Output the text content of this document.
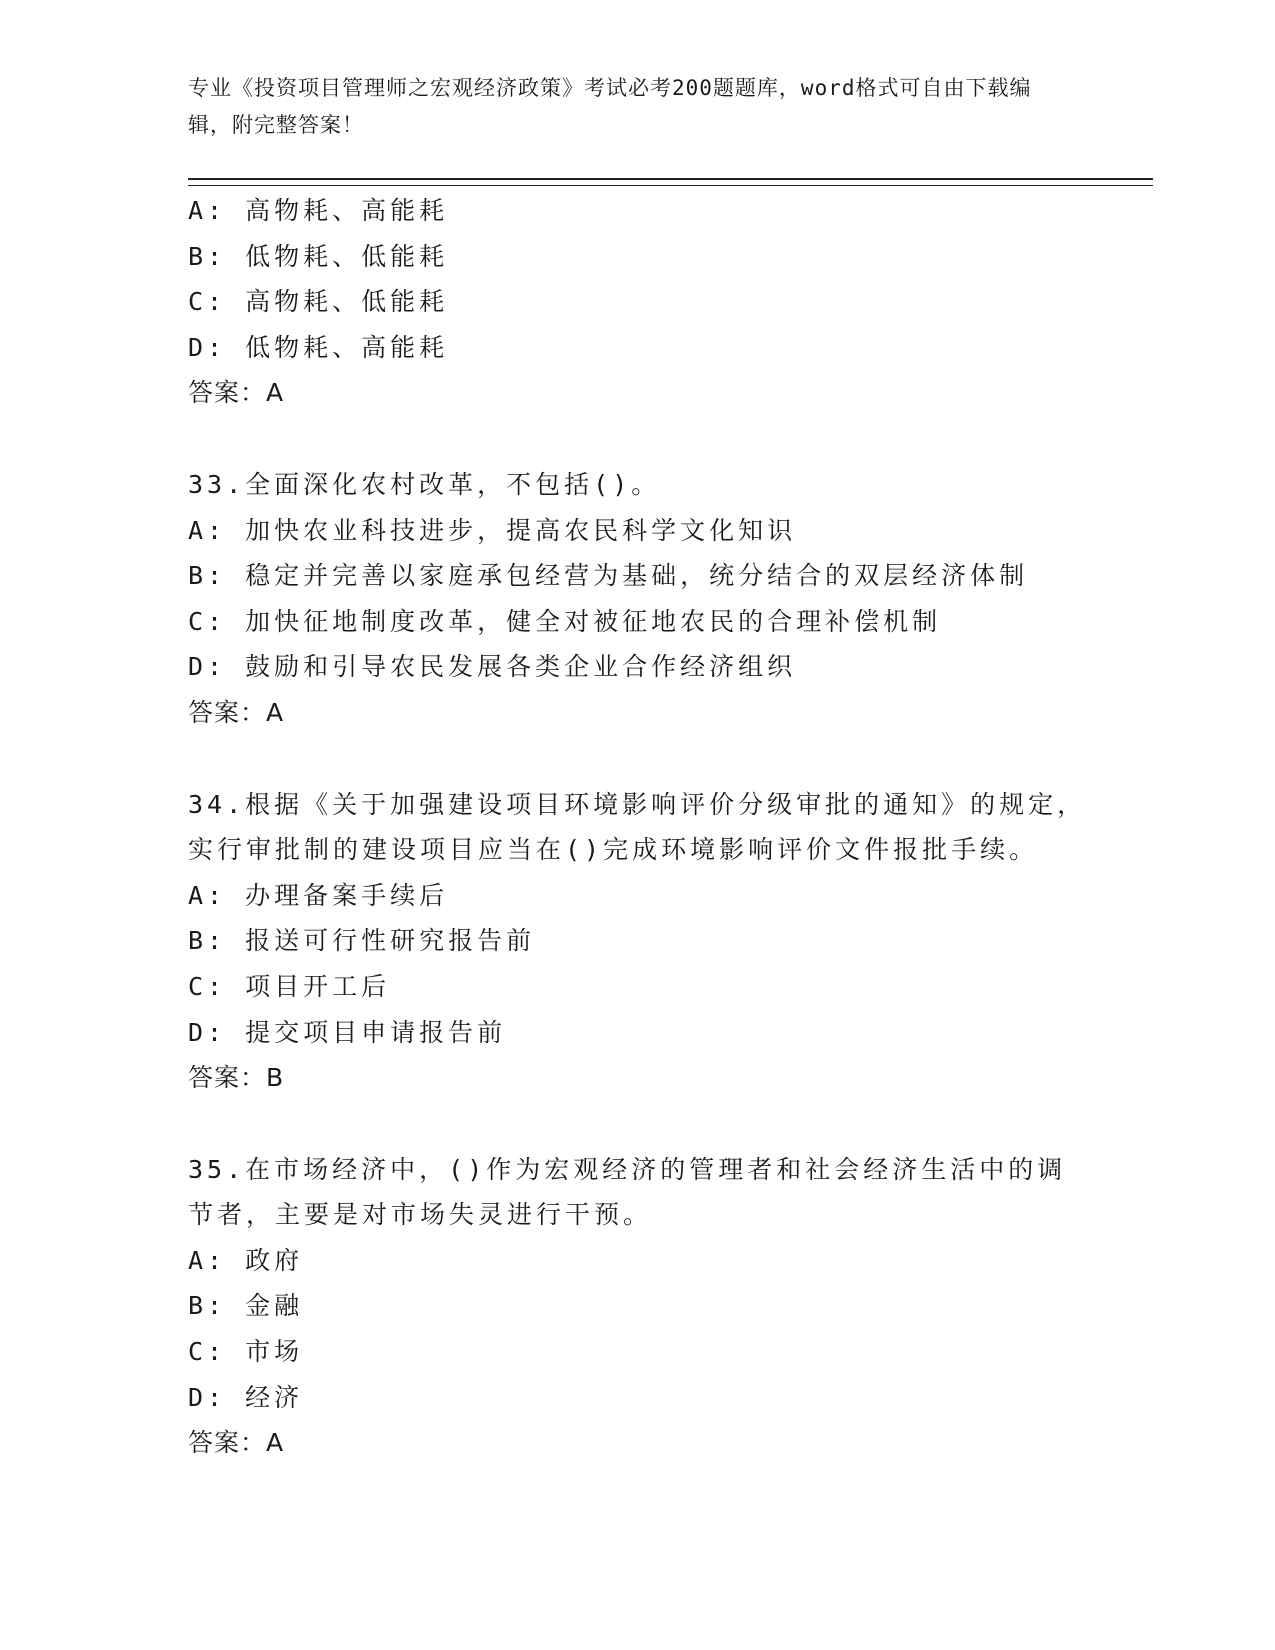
专业《投资项目管理师之宏观经济政策》考试必考200题题库，word格式可自由下载编辑，附完整答案！
A: 高物耗、高能耗
B: 低物耗、低能耗
C: 高物耗、低能耗
D: 低物耗、高能耗
答案：A
33.全面深化农村改革，不包括()。
A: 加快农业科技进步，提高农民科学文化知识
B: 稳定并完善以家庭承包经营为基础，统分结合的双层经济体制
C: 加快征地制度改革，健全对被征地农民的合理补偿机制
D: 鼓励和引导农民发展各类企业合作经济组织
答案：A
34.根据《关于加强建设项目环境影响评价分级审批的通知》的规定，实行审批制的建设项目应当在()完成环境影响评价文件报批手续。
A: 办理备案手续后
B: 报送可行性研究报告前
C: 项目开工后
D: 提交项目申请报告前
答案：B
35.在市场经济中，()作为宏观经济的管理者和社会经济生活中的调节者，主要是对市场失灵进行干预。
A: 政府
B: 金融
C: 市场
D: 经济
答案：A
